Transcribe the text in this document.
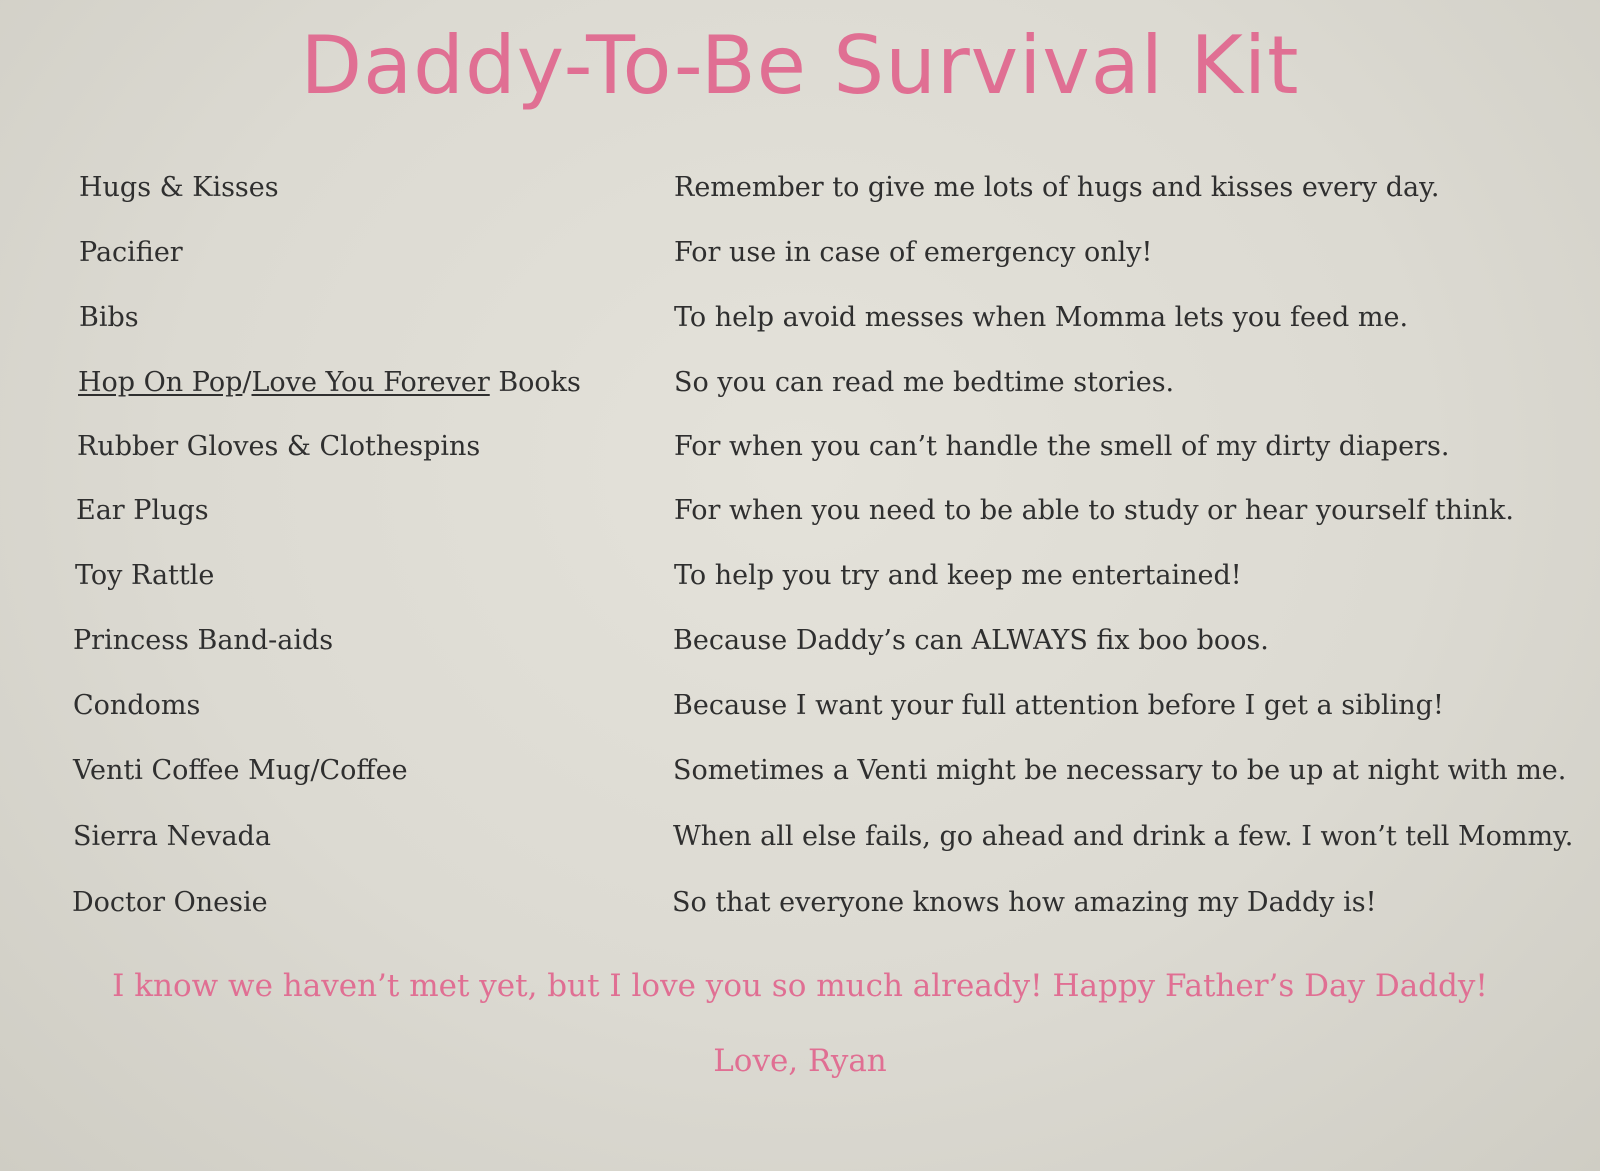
Daddy-To-Be Survival Kit
Hugs & Kisses	Remember to give me lots of hugs and kisses every day.
Pacifier	For use in case of emergency only!
Bibs	To help avoid messes when Momma lets you feed me.
Hop On Pop/Love You Forever Books	So you can read me bedtime stories.
Rubber Gloves & Clothespins	For when you can’t handle the smell of my dirty diapers.
Ear Plugs	For when you need to be able to study or hear yourself think.
Toy Rattle	To help you try and keep me entertained!
Princess Band-aids	Because Daddy’s can ALWAYS fix boo boos.
Condoms	Because I want your full attention before I get a sibling!
Venti Coffee Mug/Coffee	Sometimes a Venti might be necessary to be up at night with me.
Sierra Nevada	When all else fails, go ahead and drink a few. I won’t tell Mommy.
Doctor Onesie	So that everyone knows how amazing my Daddy is!
I know we haven’t met yet, but I love you so much already! Happy Father’s Day Daddy!
Love, Ryan
